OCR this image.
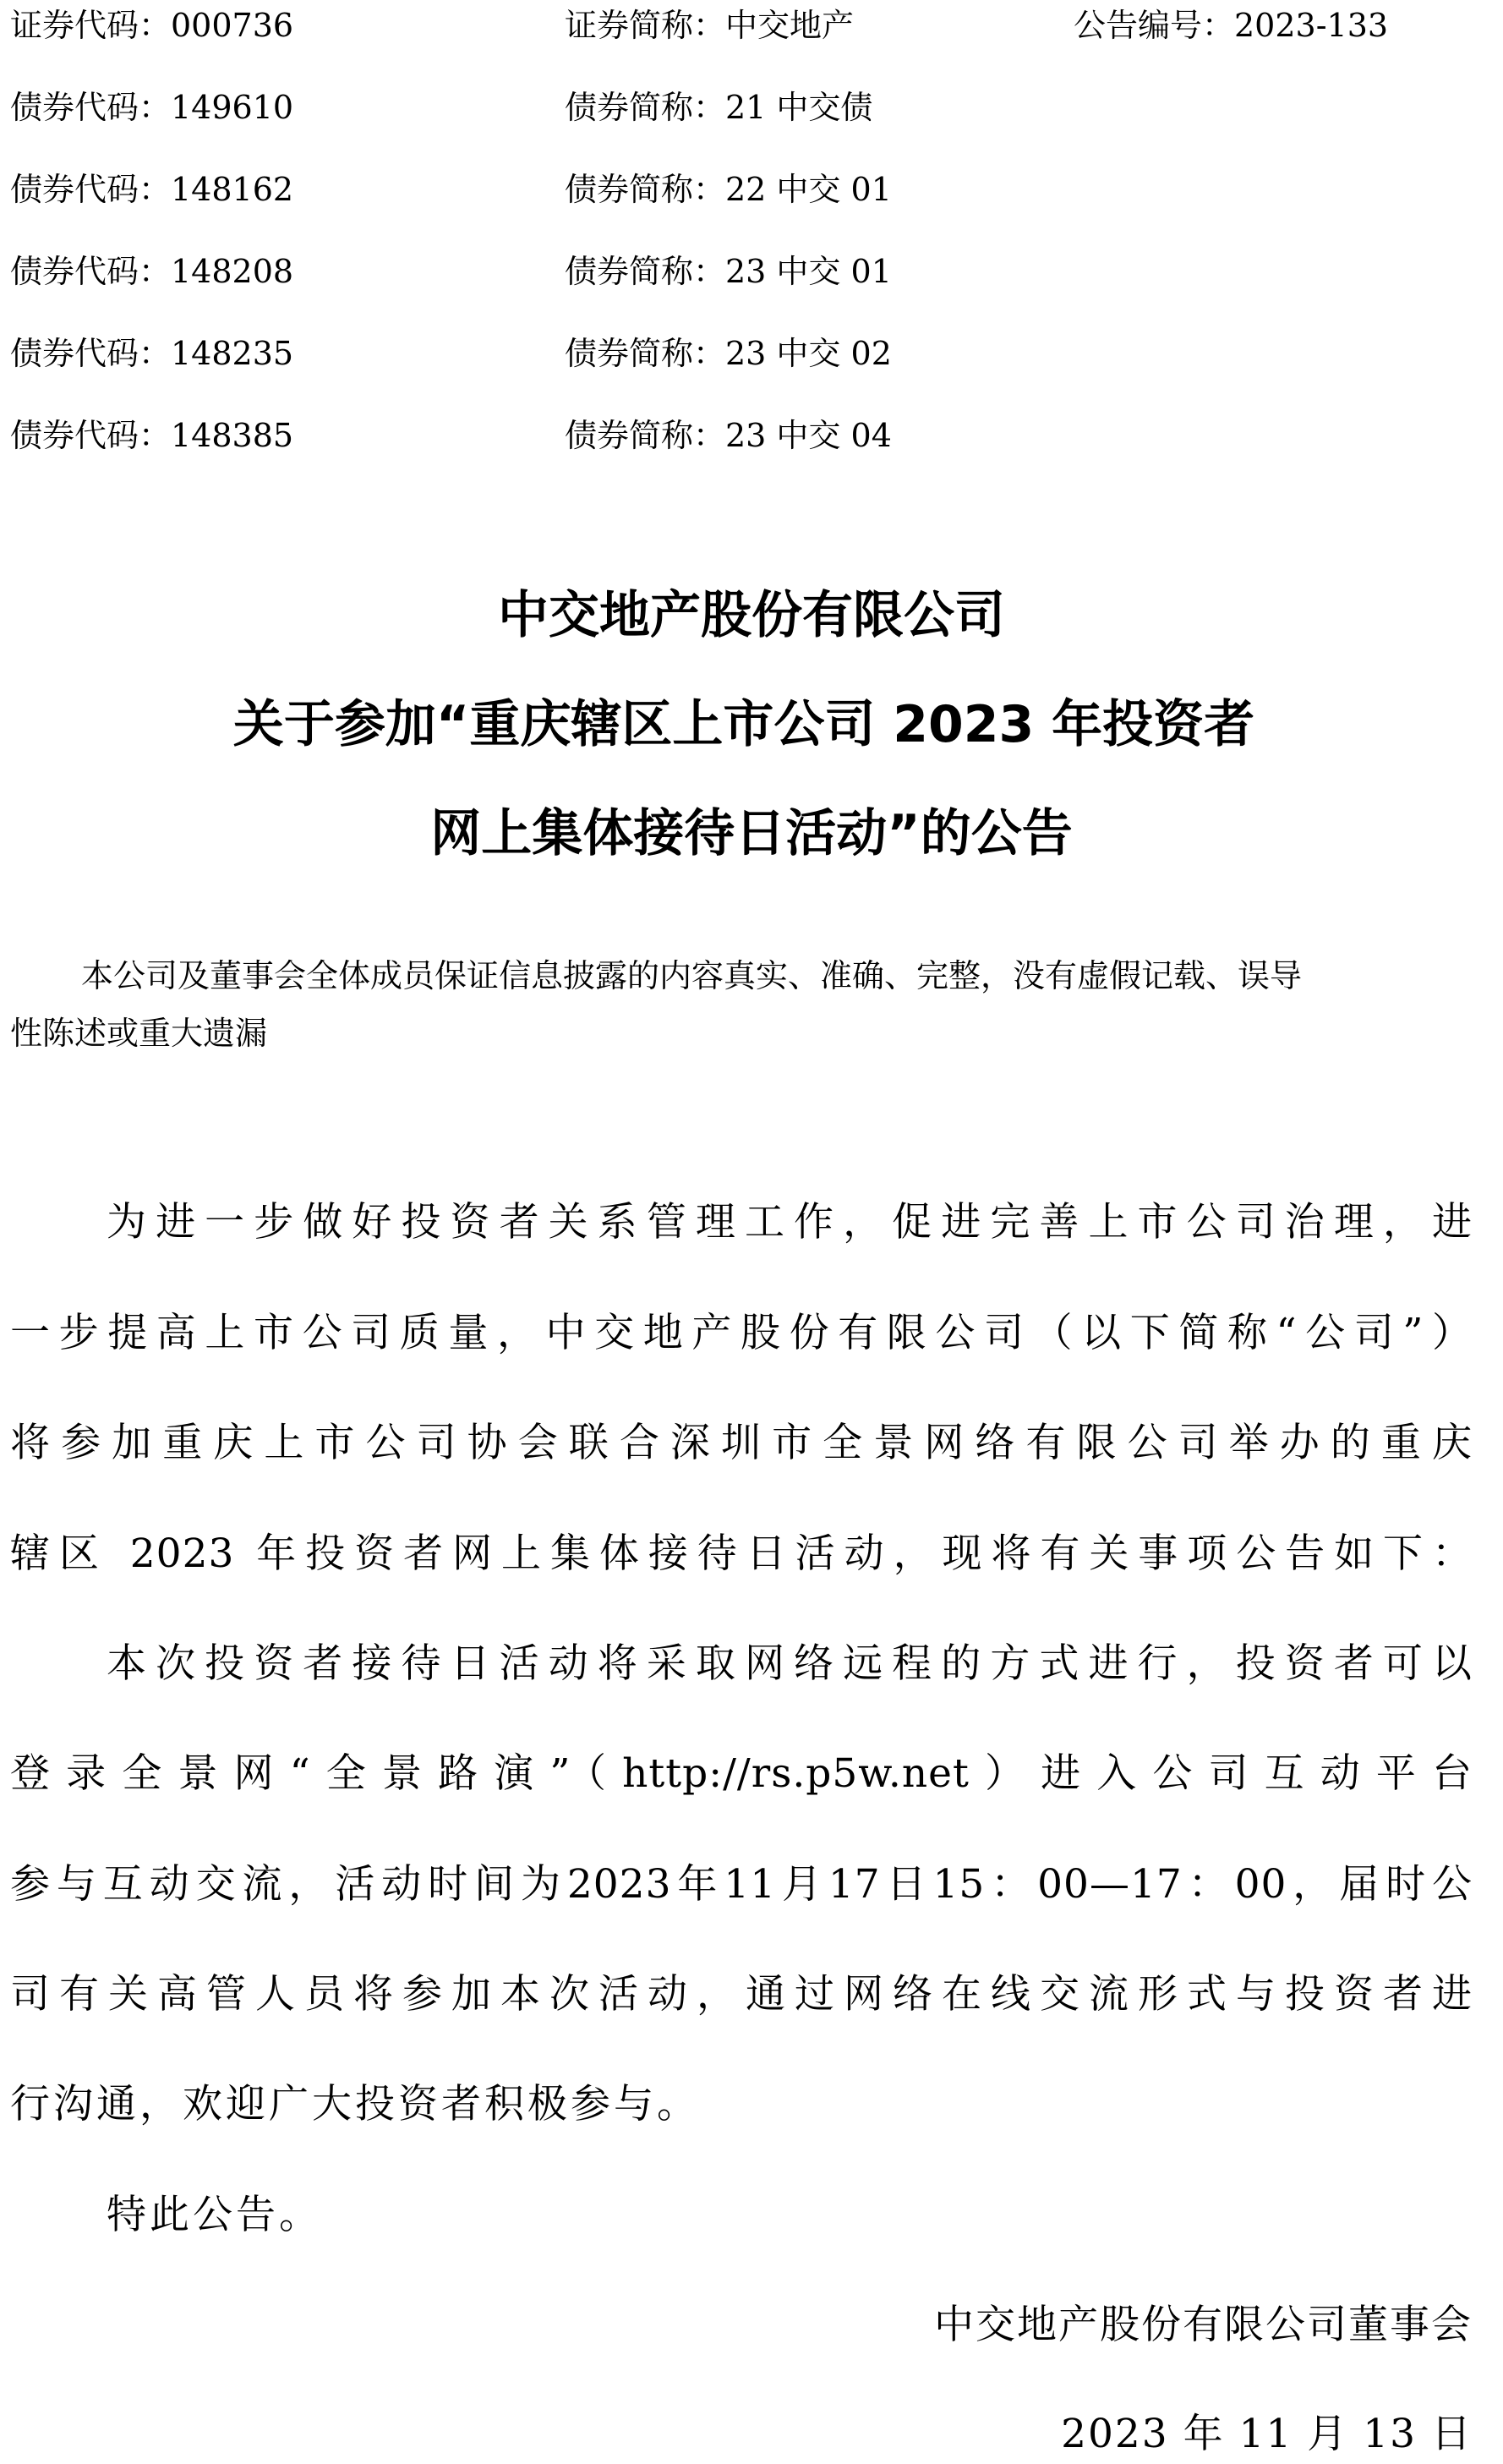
证券代码：000736	证券简称：中交地产	公告编号：2023-133
债券代码：149610	债券简称：21 中交债
债券代码：148162	债券简称：22 中交 01
债券代码：148208	债券简称：23 中交 01
债券代码：148235	债券简称：23 中交 02
债券代码：148385	债券简称：23 中交 04
中交地产股份有限公司
关于参加“重庆辖区上市公司 2023 年投资者
网上集体接待日活动”的公告
本公司及董事会全体成员保证信息披露的内容真实、准确、完整，没有虚假记载、误导
性陈述或重大遗漏
为进一步做好投资者关系管理工作，促进完善上市公司治理，进
一步提高上市公司质量，中交地产股份有限公司（以下简称“公司”）
将参加重庆上市公司协会联合深圳市全景网络有限公司举办的重庆
辖区 2023 年投资者网上集体接待日活动，现将有关事项公告如下：
本次投资者接待日活动将采取网络远程的方式进行，投资者可以
登录全景网“全景路演”（http://rs.p5w.net）进入公司互动平台
参与互动交流，活动时间为2023年11月17日15：00—17：00，届时公
司有关高管人员将参加本次活动，通过网络在线交流形式与投资者进
行沟通，欢迎广大投资者积极参与。
特此公告。
中交地产股份有限公司董事会
2023 年 11 月 13 日
